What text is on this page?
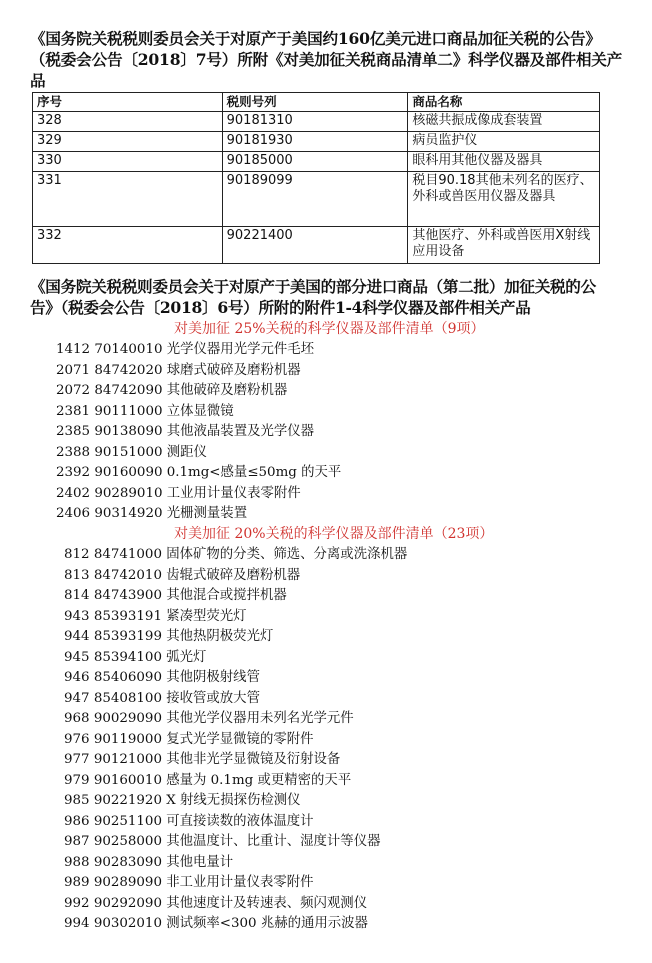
《国务院关税税则委员会关于对原产于美国约160亿美元进口商品加征关税的公告》
（税委会公告〔2018〕7号）所附《对美加征关税商品清单二》科学仪器及部件相关产
品
序号	税则号列	商品名称
328	90181310	核磁共振成像成套装置
329	90181930	病员监护仪
330	90185000	眼科用其他仪器及器具
331	90189099	税目90.18其他未列名的医疗、外科或兽医用仪器及器具
332	90221400	其他医疗、外科或兽医用X射线应用设备
《国务院关税税则委员会关于对原产于美国的部分进口商品（第二批）加征关税的公
告》（税委会公告〔2018〕6号）所附的附件1-4科学仪器及部件相关产品
对美加征 25%关税的科学仪器及部件清单（9项）
1412 70140010 光学仪器用光学元件毛坯
2071 84742020 球磨式破碎及磨粉机器
2072 84742090 其他破碎及磨粉机器
2381 90111000 立体显微镜
2385 90138090 其他液晶装置及光学仪器
2388 90151000 测距仪
2392 90160090 0.1mg<感量≤50mg 的天平
2402 90289010 工业用计量仪表零附件
2406 90314920 光栅测量装置
对美加征 20%关税的科学仪器及部件清单（23项）
812 84741000 固体矿物的分类、筛选、分离或洗涤机器
813 84742010 齿辊式破碎及磨粉机器
814 84743900 其他混合或搅拌机器
943 85393191 紧凑型荧光灯
944 85393199 其他热阴极荧光灯
945 85394100 弧光灯
946 85406090 其他阴极射线管
947 85408100 接收管或放大管
968 90029090 其他光学仪器用未列名光学元件
976 90119000 复式光学显微镜的零附件
977 90121000 其他非光学显微镜及衍射设备
979 90160010 感量为 0.1mg 或更精密的天平
985 90221920 X 射线无损探伤检测仪
986 90251100 可直接读数的液体温度计
987 90258000 其他温度计、比重计、湿度计等仪器
988 90283090 其他电量计
989 90289090 非工业用计量仪表零附件
992 90292090 其他速度计及转速表、频闪观测仪
994 90302010 测试频率<300 兆赫的通用示波器
